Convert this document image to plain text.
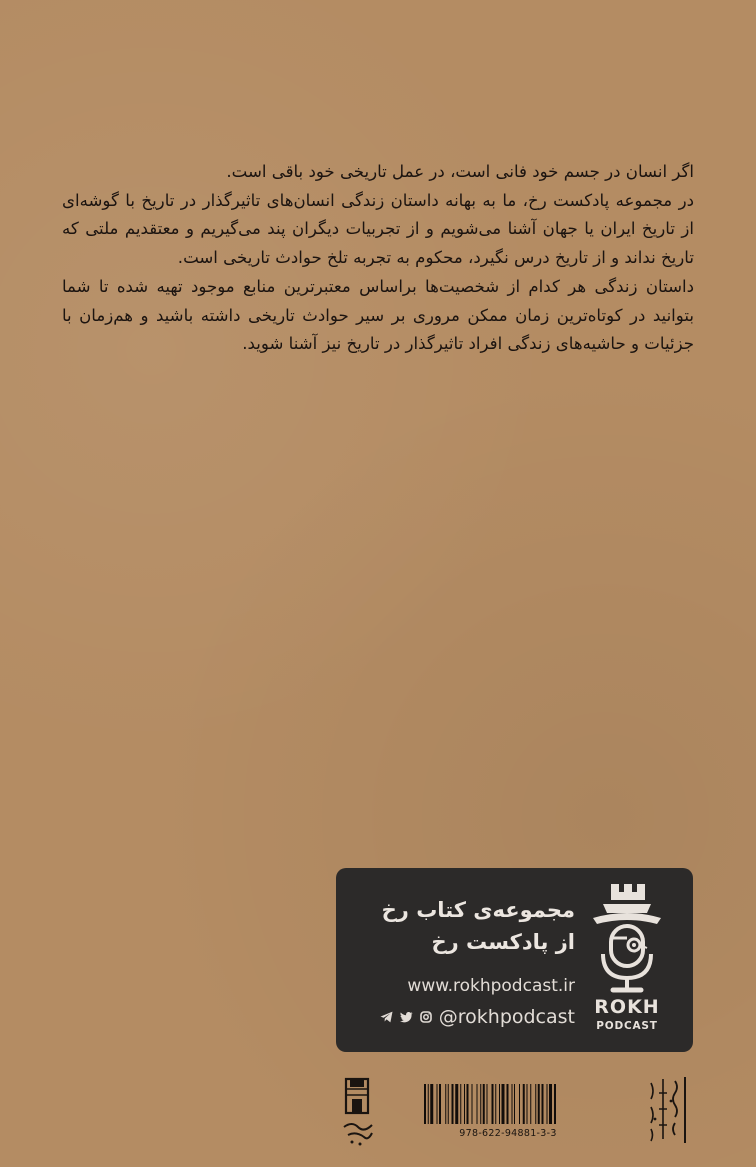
اگر انسان در جسم خود فانی است، در عمل تاریخی خود باقی است.

در مجموعه پادکست رخ، ما به بهانه داستان زندگی انسان‌های تاثیرگذار در تاریخ با گوشه‌ای از تاریخ ایران یا جهان آشنا می‌شویم و از تجربیات دیگران پند می‌گیریم و معتقدیم ملتی که تاریخ نداند و از تاریخ درس نگیرد، محکوم به تجربه تلخ حوادث تاریخی است.

داستان زندگی هر کدام از شخصیت‌ها براساس معتبرترین منابع موجود تهیه شده تا شما بتوانید در کوتاه‌ترین زمان ممکن مروری بر سیر حوادث تاریخی داشته باشید و هم‌زمان با جزئیات و حاشیه‌های زندگی افراد تاثیرگذار در تاریخ نیز آشنا شوید.

ROKH
PODCAST
مجموعه‌ی کتاب رخ
از پادکست رخ
www.rokhpodcast.ir
@rokhpodcast
978-622-94881-3-3
